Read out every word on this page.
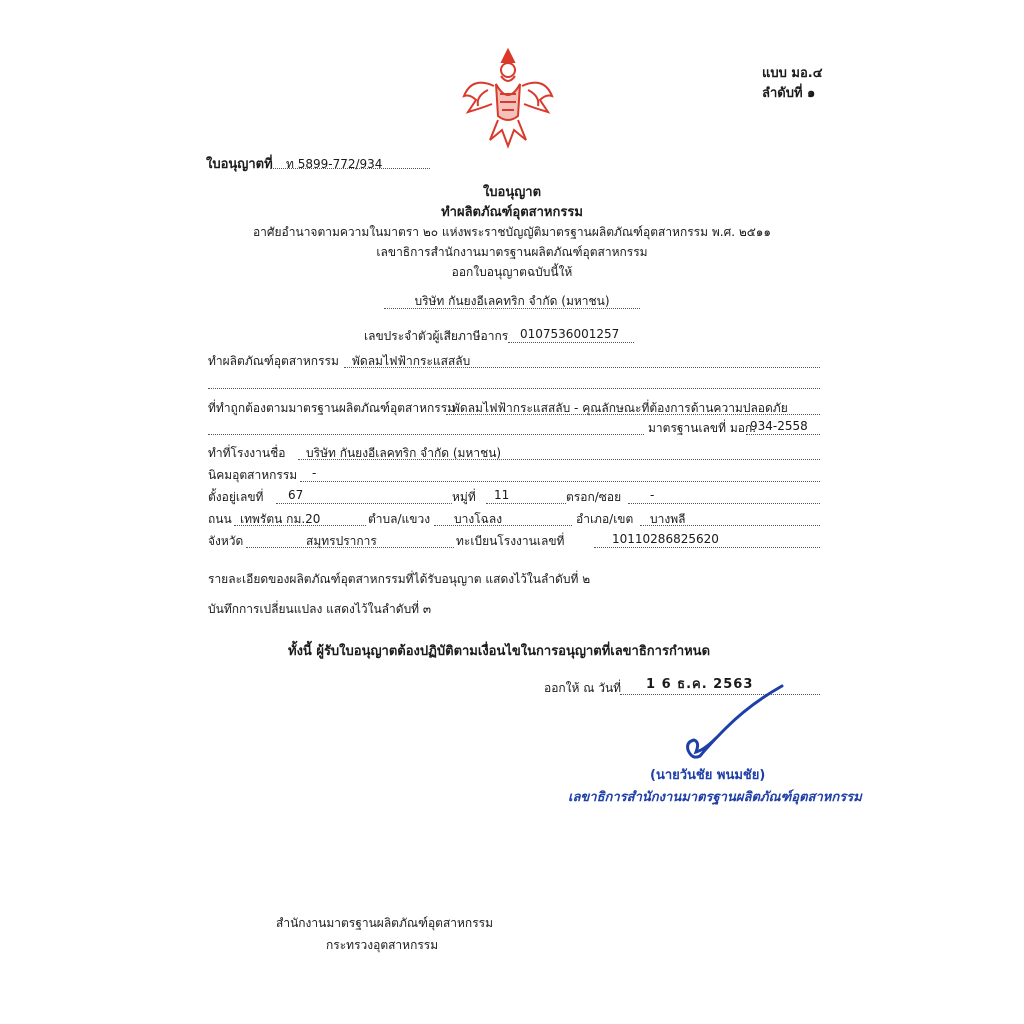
แบบ มอ.๔
ลำดับที่ ๑
ใบอนุญาตที่ ท 5899-772/934
ใบอนุญาต
ทำผลิตภัณฑ์อุตสาหกรรม
อาศัยอำนาจตามความในมาตรา ๒๐ แห่งพระราชบัญญัติมาตรฐานผลิตภัณฑ์อุตสาหกรรม พ.ศ. ๒๕๑๑
เลขาธิการสำนักงานมาตรฐานผลิตภัณฑ์อุตสาหกรรม
ออกใบอนุญาตฉบับนี้ให้
บริษัท กันยงอีเลคทริก จำกัด (มหาชน)
เลขประจำตัวผู้เสียภาษีอากร 0107536001257
ทำผลิตภัณฑ์อุตสาหกรรม พัดลมไฟฟ้ากระแสสลับ
ที่ทำถูกต้องตามมาตรฐานผลิตภัณฑ์อุตสาหกรรม
พัดลมไฟฟ้ากระแสสลับ - คุณลักษณะที่ต้องการด้านความปลอดภัย
มาตรฐานเลขที่ มอก.
934-2558
ทำที่โรงงานชื่อ บริษัท กันยงอีเลคทริก จำกัด (มหาชน)
นิคมอุตสาหกรรม -
ตั้งอยู่เลขที่ 67	หมู่ที่ 11	ตรอก/ซอย -
ถนน เทพรัตน กม.20	ตำบล/แขวง บางโฉลง	อำเภอ/เขต บางพลี
จังหวัด	สมุทรปราการ	ทะเบียนโรงงานเลขที่	10110286825620
รายละเอียดของผลิตภัณฑ์อุตสาหกรรมที่ได้รับอนุญาต แสดงไว้ในลำดับที่ ๒
บันทึกการเปลี่ยนแปลง แสดงไว้ในลำดับที่ ๓
ทั้งนี้ ผู้รับใบอนุญาตต้องปฏิบัติตามเงื่อนไขในการอนุญาตที่เลขาธิการกำหนด
ออกให้ ณ วันที่ 1 6 ธ.ค. 2563
(นายวันชัย พนมชัย)
เลขาธิการสำนักงานมาตรฐานผลิตภัณฑ์อุตสาหกรรม
สำนักงานมาตรฐานผลิตภัณฑ์อุตสาหกรรม
กระทรวงอุตสาหกรรม
